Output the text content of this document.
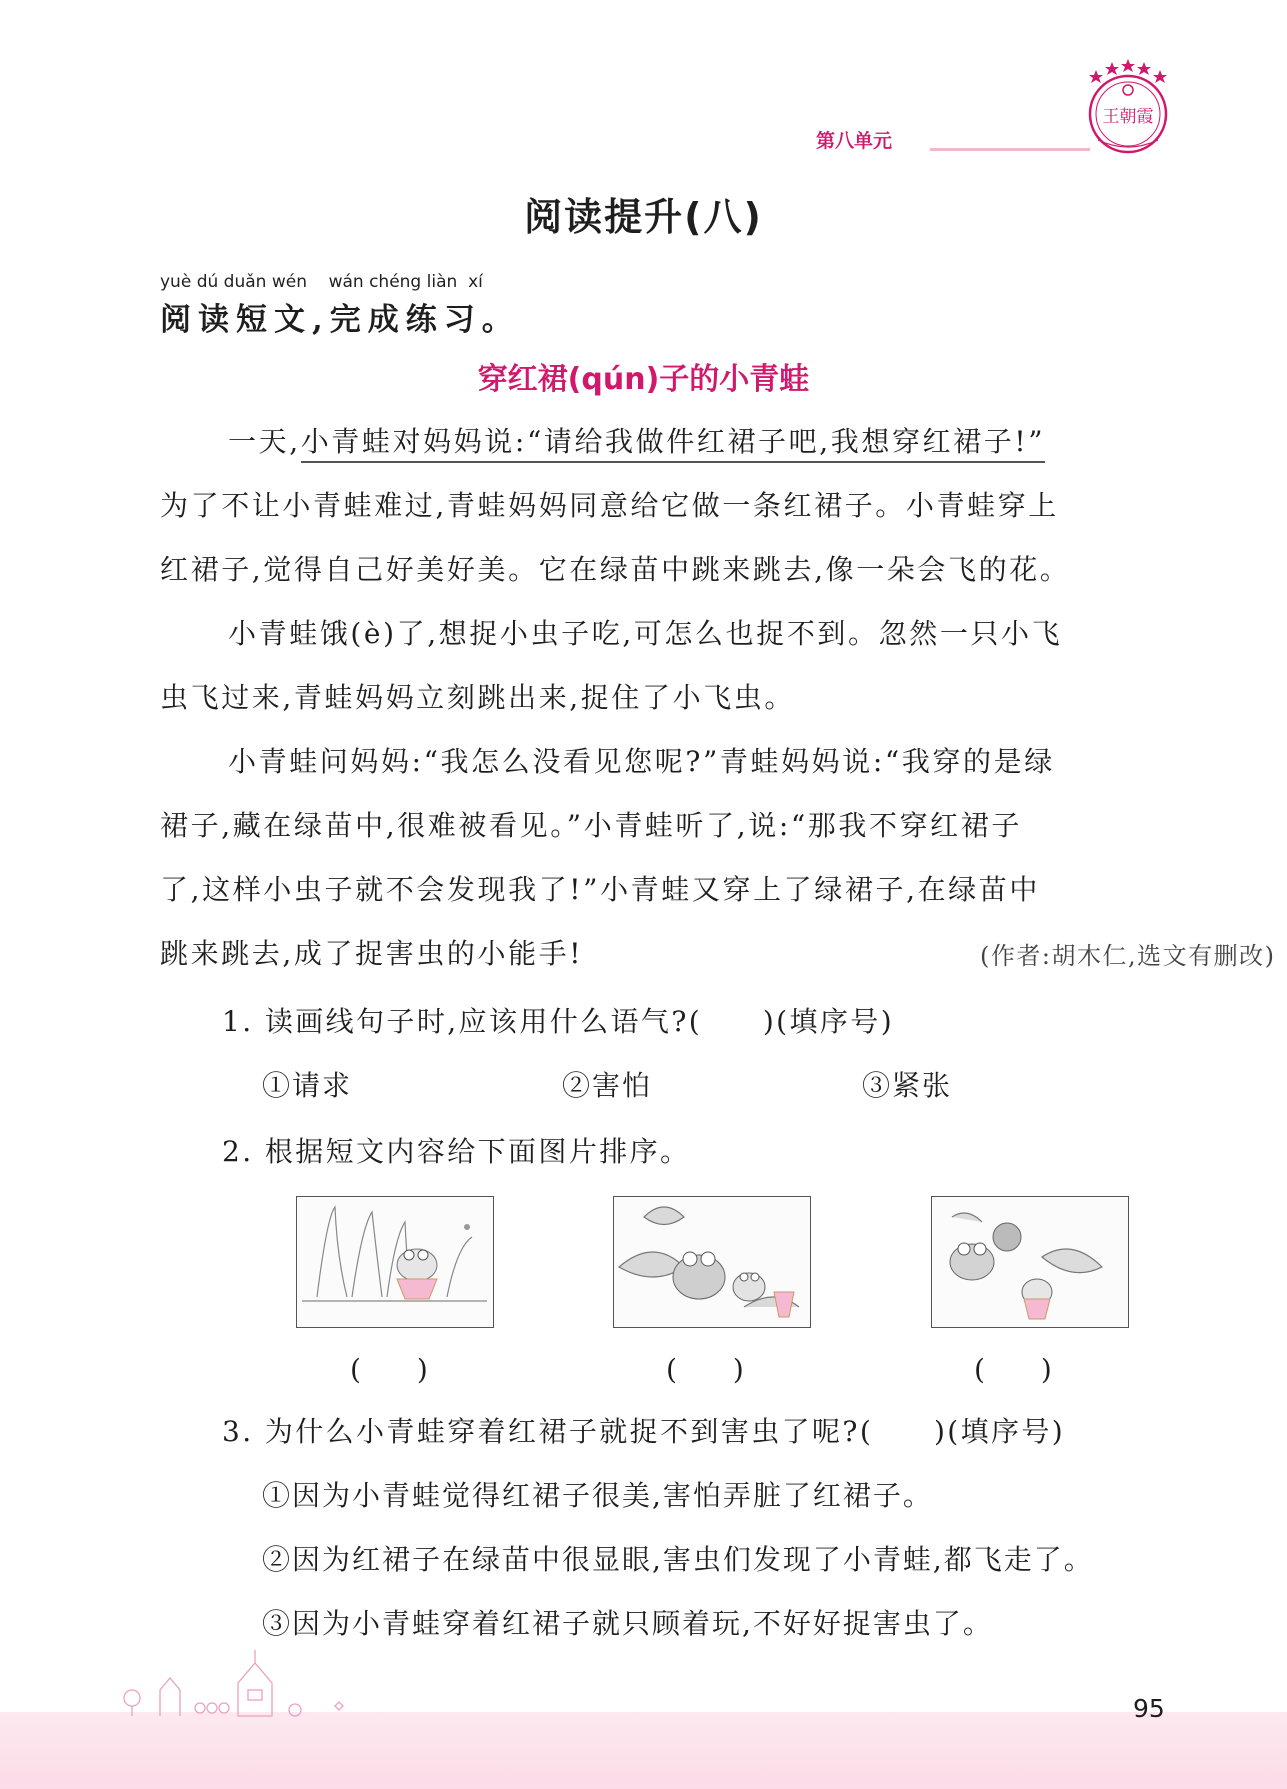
第八单元
王朝霞
阅读提升(八)
yuè dú duǎn wén    wán chéng liàn  xí
阅读短文,完成练习。
穿红裙(qún)子的小青蛙
一天,小青蛙对妈妈说:“请给我做件红裙子吧,我想穿红裙子!”
为了不让小青蛙难过,青蛙妈妈同意给它做一条红裙子。小青蛙穿上
红裙子,觉得自己好美好美。它在绿苗中跳来跳去,像一朵会飞的花。
小青蛙饿(è)了,想捉小虫子吃,可怎么也捉不到。忽然一只小飞
虫飞过来,青蛙妈妈立刻跳出来,捉住了小飞虫。
小青蛙问妈妈:“我怎么没看见您呢?”青蛙妈妈说:“我穿的是绿
裙子,藏在绿苗中,很难被看见。”小青蛙听了,说:“那我不穿红裙子
了,这样小虫子就不会发现我了!”小青蛙又穿上了绿裙子,在绿苗中
跳来跳去,成了捉害虫的小能手!	(作者:胡木仁,选文有删改)
1. 读画线句子时,应该用什么语气?(　　)(填序号)
①请求	②害怕	③紧张
2. 根据短文内容给下面图片排序。
(　　)	(　　)	(　　)
3. 为什么小青蛙穿着红裙子就捉不到害虫了呢?(　　)(填序号)
①因为小青蛙觉得红裙子很美,害怕弄脏了红裙子。
②因为红裙子在绿苗中很显眼,害虫们发现了小青蛙,都飞走了。
③因为小青蛙穿着红裙子就只顾着玩,不好好捉害虫了。
95
